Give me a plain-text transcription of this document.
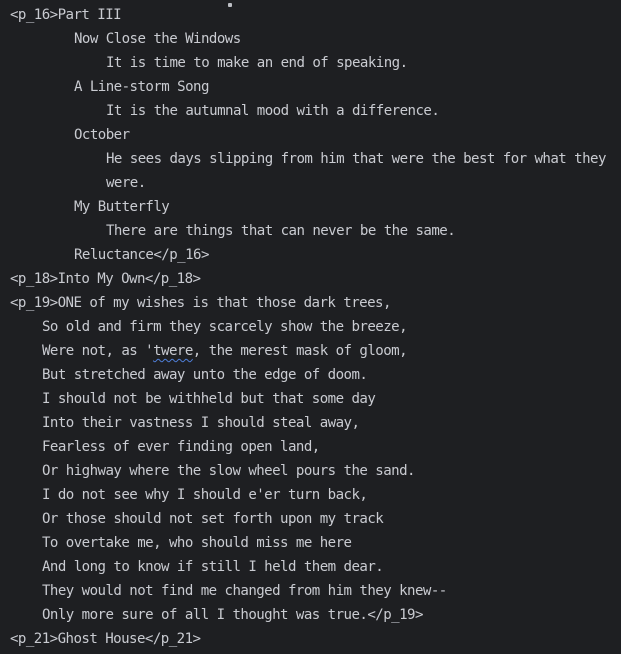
<p_16>Part III
Now Close the Windows
It is time to make an end of speaking.
A Line-storm Song
It is the autumnal mood with a difference.
October
He sees days slipping from him that were the best for what they
were.
My Butterfly
There are things that can never be the same.
Reluctance</p_16>
<p_18>Into My Own</p_18>
<p_19>ONE of my wishes is that those dark trees,
So old and firm they scarcely show the breeze,
Were not, as 'twere, the merest mask of gloom,
But stretched away unto the edge of doom.
I should not be withheld but that some day
Into their vastness I should steal away,
Fearless of ever finding open land,
Or highway where the slow wheel pours the sand.
I do not see why I should e'er turn back,
Or those should not set forth upon my track
To overtake me, who should miss me here
And long to know if still I held them dear.
They would not find me changed from him they knew--
Only more sure of all I thought was true.</p_19>
<p_21>Ghost House</p_21>
